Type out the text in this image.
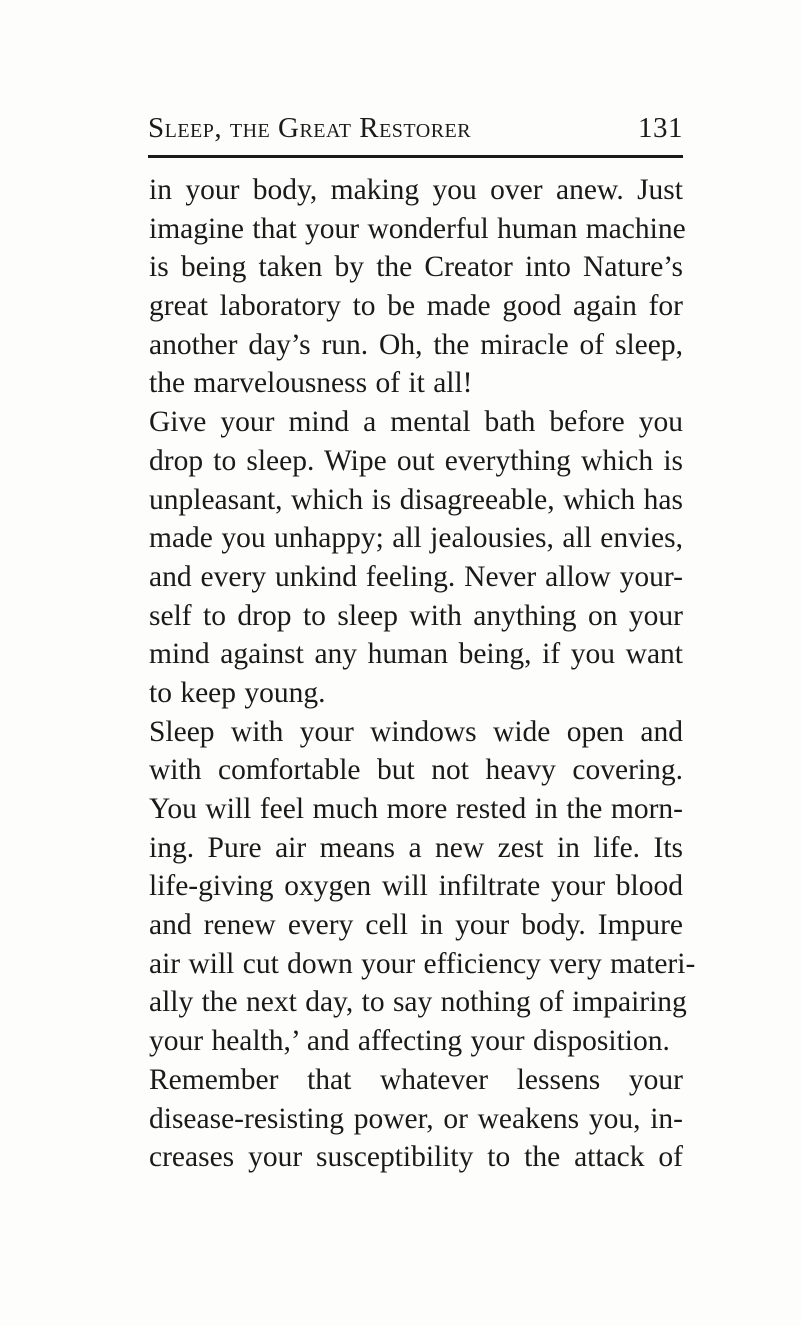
Sleep, the Great Restorer	131
in your body, making you over anew. Just
imagine that your wonderful human machine
is being taken by the Creator into Nature’s
great laboratory to be made good again for
another day’s run. Oh, the miracle of sleep,
the marvelousness of it all!
Give your mind a mental bath before you
drop to sleep. Wipe out everything which is
unpleasant, which is disagreeable, which has
made you unhappy; all jealousies, all envies,
and every unkind feeling. Never allow your-
self to drop to sleep with anything on your
mind against any human being, if you want
to keep young.
Sleep with your windows wide open and
with comfortable but not heavy covering.
You will feel much more rested in the morn-
ing. Pure air means a new zest in life. Its
life-giving oxygen will infiltrate your blood
and renew every cell in your body. Impure
air will cut down your efficiency very materi-
ally the next day, to say nothing of impairing
your health,’ and affecting your disposition.
Remember that whatever lessens your
disease-resisting power, or weakens you, in-
creases your susceptibility to the attack of
